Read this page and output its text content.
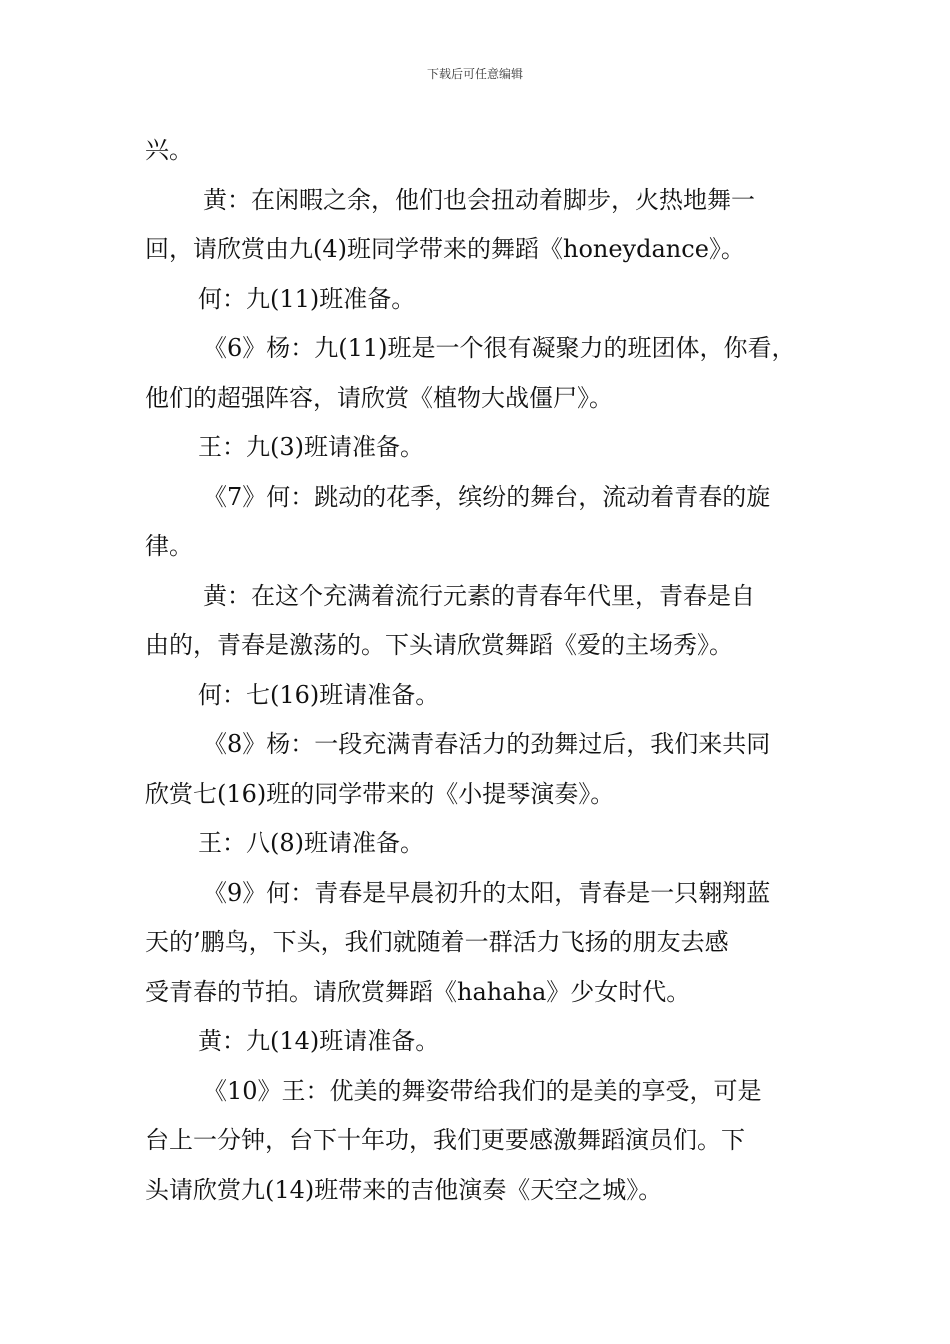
下载后可任意编辑

兴。

黄：在闲暇之余，他们也会扭动着脚步，火热地舞一

回，请欣赏由九(4)班同学带来的舞蹈《honeydance》。

何：九(11)班准备。

《6》杨：九(11)班是一个很有凝聚力的班团体，你看，

他们的超强阵容，请欣赏《植物大战僵尸》。

王：九(3)班请准备。

《7》何：跳动的花季，缤纷的舞台，流动着青春的旋

律。

黄：在这个充满着流行元素的青春年代里，青春是自

由的，青春是激荡的。下头请欣赏舞蹈《爱的主场秀》。

何：七(16)班请准备。

《8》杨：一段充满青春活力的劲舞过后，我们来共同

欣赏七(16)班的同学带来的《小提琴演奏》。

王：八(8)班请准备。

《9》何：青春是早晨初升的太阳，青春是一只翱翔蓝

天的’鹏鸟，下头，我们就随着一群活力飞扬的朋友去感

受青春的节拍。请欣赏舞蹈《hahaha》少女时代。

黄：九(14)班请准备。

《10》王：优美的舞姿带给我们的是美的享受，可是

台上一分钟，台下十年功，我们更要感激舞蹈演员们。下

头请欣赏九(14)班带来的吉他演奏《天空之城》。
